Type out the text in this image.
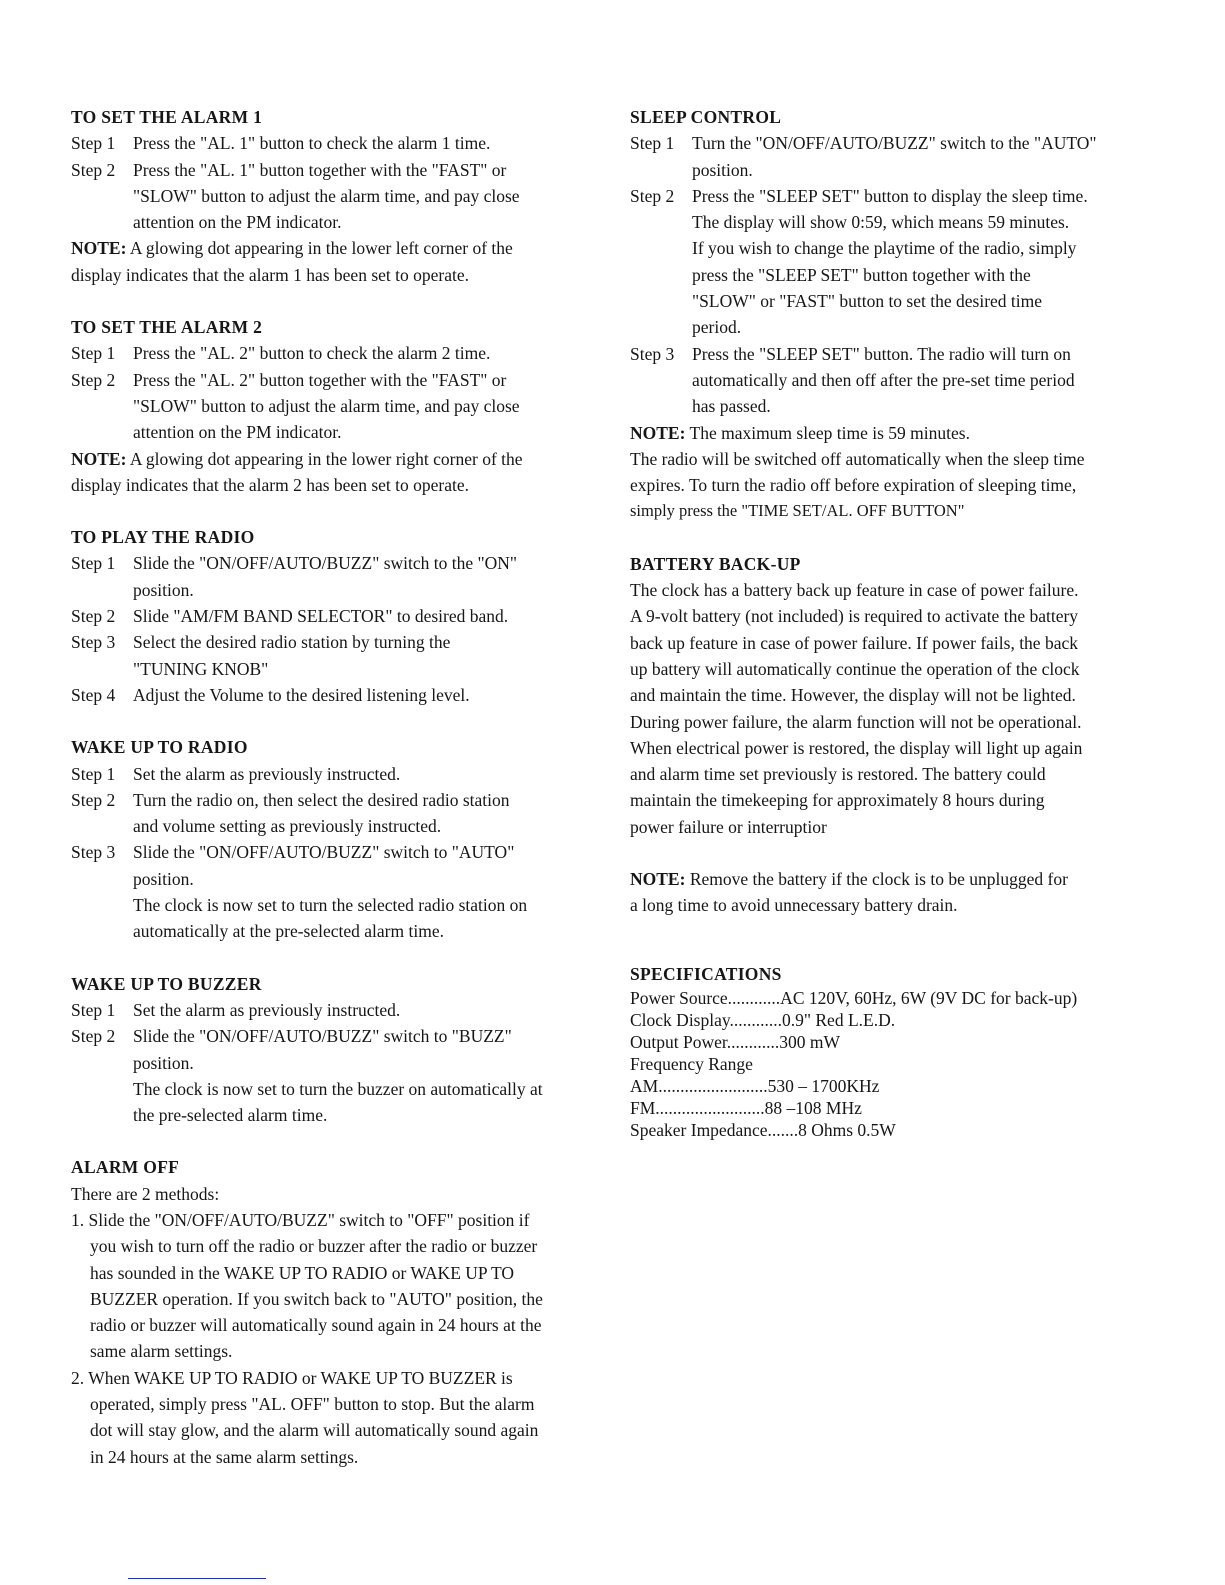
TO SET THE ALARM 1
Step 1 Press the "AL. 1" button to check the alarm 1 time.
Step 2 Press the "AL. 1" button together with the "FAST" or
"SLOW" button to adjust the alarm time, and pay close
attention on the PM indicator.
NOTE: A glowing dot appearing in the lower left corner of the
display indicates that the alarm 1 has been set to operate.
TO SET THE ALARM 2
Step 1 Press the "AL. 2" button to check the alarm 2 time.
Step 2 Press the "AL. 2" button together with the "FAST" or
"SLOW" button to adjust the alarm time, and pay close
attention on the PM indicator.
NOTE: A glowing dot appearing in the lower right corner of the
display indicates that the alarm 2 has been set to operate.
TO PLAY THE RADIO
Step 1 Slide the "ON/OFF/AUTO/BUZZ" switch to the "ON"
position.
Step 2 Slide "AM/FM BAND SELECTOR" to desired band.
Step 3 Select the desired radio station by turning the
"TUNING KNOB"
Step 4 Adjust the Volume to the desired listening level.
WAKE UP TO RADIO
Step 1 Set the alarm as previously instructed.
Step 2 Turn the radio on, then select the desired radio station
and volume setting as previously instructed.
Step 3 Slide the "ON/OFF/AUTO/BUZZ" switch to "AUTO"
position.
The clock is now set to turn the selected radio station on
automatically at the pre-selected alarm time.
WAKE UP TO BUZZER
Step 1 Set the alarm as previously instructed.
Step 2 Slide the "ON/OFF/AUTO/BUZZ" switch to "BUZZ"
position.
The clock is now set to turn the buzzer on automatically at
the pre-selected alarm time.
ALARM OFF
There are 2 methods:
1. Slide the "ON/OFF/AUTO/BUZZ" switch to "OFF" position if
you wish to turn off the radio or buzzer after the radio or buzzer
has sounded in the WAKE UP TO RADIO or WAKE UP TO
BUZZER operation. If you switch back to "AUTO" position, the
radio or buzzer will automatically sound again in 24 hours at the
same alarm settings.
2. When WAKE UP TO RADIO or WAKE UP TO BUZZER is
operated, simply press "AL. OFF" button to stop. But the alarm
dot will stay glow, and the alarm will automatically sound again
in 24 hours at the same alarm settings.
SLEEP CONTROL
Step 1 Turn the "ON/OFF/AUTO/BUZZ" switch to the "AUTO"
position.
Step 2 Press the "SLEEP SET" button to display the sleep time.
The display will show 0:59, which means 59 minutes.
If you wish to change the playtime of the radio, simply
press the "SLEEP SET" button together with the
"SLOW" or "FAST" button to set the desired time
period.
Step 3 Press the "SLEEP SET" button. The radio will turn on
automatically and then off after the pre-set time period
has passed.
NOTE: The maximum sleep time is 59 minutes.
The radio will be switched off automatically when the sleep time
expires. To turn the radio off before expiration of sleeping time,
simply press the "TIME SET/AL. OFF BUTTON"
BATTERY BACK-UP
The clock has a battery back up feature in case of power failure.
A 9-volt battery (not included) is required to activate the battery
back up feature in case of power failure. If power fails, the back
up battery will automatically continue the operation of the clock
and maintain the time. However, the display will not be lighted.
During power failure, the alarm function will not be operational.
When electrical power is restored, the display will light up again
and alarm time set previously is restored. The battery could
maintain the timekeeping for approximately 8 hours during
power failure or interruptior
NOTE: Remove the battery if the clock is to be unplugged for
a long time to avoid unnecessary battery drain.
SPECIFICATIONS
Power Source............AC 120V, 60Hz, 6W (9V DC for back-up)
Clock Display............0.9" Red L.E.D.
Output Power............300 mW
Frequency Range
AM.........................530 – 1700KHz
FM.........................88 –108 MHz
Speaker Impedance.......8 Ohms 0.5W
